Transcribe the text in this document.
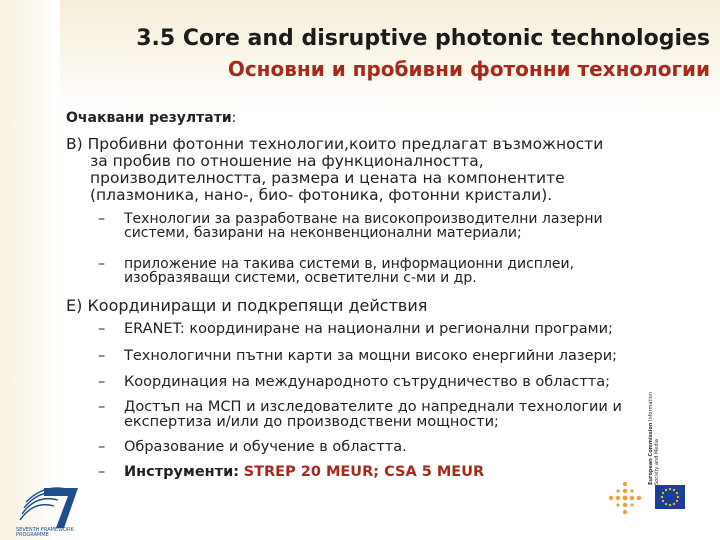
3.5 Core and disruptive photonic technologies
Основни и пробивни фотонни технологии
Очаквани резултати:
B) Пробивни фотонни технологии,които предлагат възможности
за пробив по отношение на функционалността,
производителността, размера и цената на компонентите
(плазмоника, нано-, био- фотоника, фотонни кристали).
–	Технологии за разработване на високопроизводителни лазерни
системи, базирани на неконвенционални материали;
–	приложение на такива системи в, информационни дисплеи,
изобразяващи системи, осветителни с-ми и др.
E) Координиращи и подкрепящи действия
–	ERANET: координиране на национални и регионални програми;
–	Технологични пътни карти за мощни високо енергийни лазери;
–	Координация на международното сътрудничество в областта;
–	Достъп на МСП и изследователите до напреднали технологии и
експертиза и/или до производствени мощности;
–	Образование и обучение в областта.
–	Инструменти: STREP 20 MEUR; CSA 5 MEUR
SEVENTH FRAMEWORK
PROGRAMME
European Commission Information Society and Media
